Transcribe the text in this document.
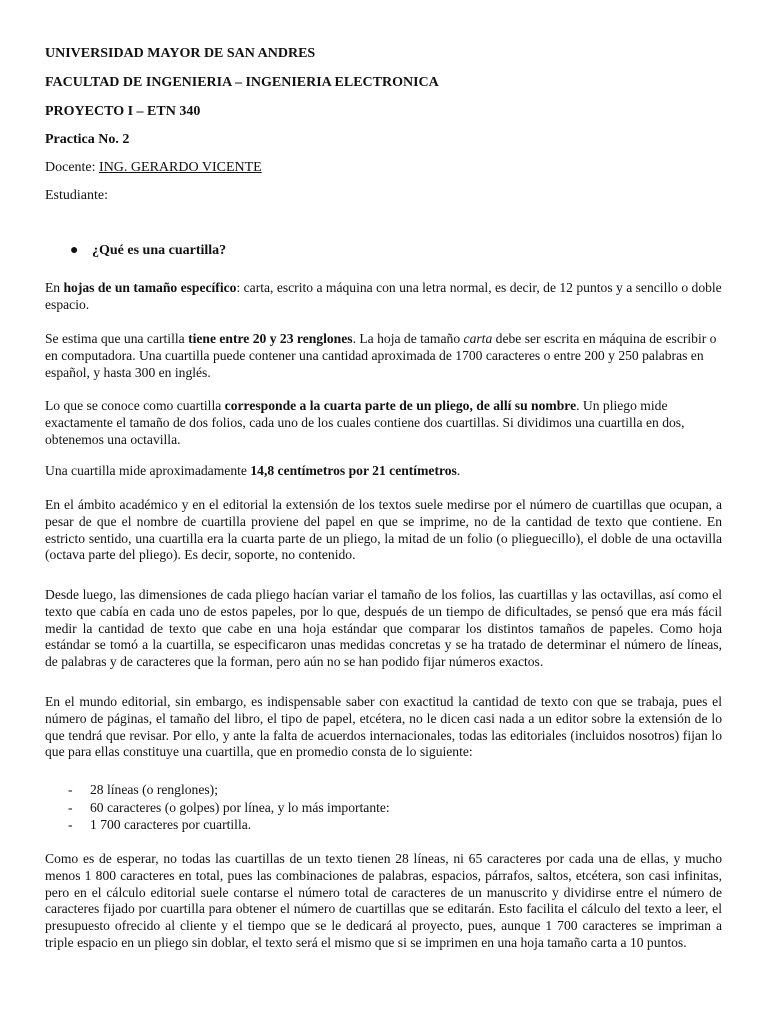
UNIVERSIDAD MAYOR DE SAN ANDRES
FACULTAD DE INGENIERIA – INGENIERIA ELECTRONICA
PROYECTO I – ETN 340
Practica No. 2
Docente: ING. GERARDO VICENTE
Estudiante:
● ¿Qué es una cuartilla?

En hojas de un tamaño específico: carta, escrito a máquina con una letra normal, es decir, de 12 puntos y a sencillo o doble espacio.

Se estima que una cartilla tiene entre 20 y 23 renglones. La hoja de tamaño carta debe ser escrita en máquina de escribir o en computadora. Una cuartilla puede contener una cantidad aproximada de 1700 caracteres o entre 200 y 250 palabras en español, y hasta 300 en inglés.

Lo que se conoce como cuartilla corresponde a la cuarta parte de un pliego, de allí su nombre. Un pliego mide exactamente el tamaño de dos folios, cada uno de los cuales contiene dos cuartillas. Si dividimos una cuartilla en dos, obtenemos una octavilla.

Una cuartilla mide aproximadamente 14,8 centímetros por 21 centímetros.

En el ámbito académico y en el editorial la extensión de los textos suele medirse por el número de cuartillas que ocupan, a pesar de que el nombre de cuartilla proviene del papel en que se imprime, no de la cantidad de texto que contiene. En estricto sentido, una cuartilla era la cuarta parte de un pliego, la mitad de un folio (o plieguecillo), el doble de una octavilla (octava parte del pliego). Es decir, soporte, no contenido.

Desde luego, las dimensiones de cada pliego hacían variar el tamaño de los folios, las cuartillas y las octavillas, así como el texto que cabía en cada uno de estos papeles, por lo que, después de un tiempo de dificultades, se pensó que era más fácil medir la cantidad de texto que cabe en una hoja estándar que comparar los distintos tamaños de papeles. Como hoja estándar se tomó a la cuartilla, se especificaron unas medidas concretas y se ha tratado de determinar el número de líneas, de palabras y de caracteres que la forman, pero aún no se han podido fijar números exactos.

En el mundo editorial, sin embargo, es indispensable saber con exactitud la cantidad de texto con que se trabaja, pues el número de páginas, el tamaño del libro, el tipo de papel, etcétera, no le dicen casi nada a un editor sobre la extensión de lo que tendrá que revisar. Por ello, y ante la falta de acuerdos internacionales, todas las editoriales (incluidos nosotros) fijan lo que para ellas constituye una cuartilla, que en promedio consta de lo siguiente:

- 28 líneas (o renglones);
- 60 caracteres (o golpes) por línea, y lo más importante:
- 1 700 caracteres por cuartilla.

Como es de esperar, no todas las cuartillas de un texto tienen 28 líneas, ni 65 caracteres por cada una de ellas, y mucho menos 1 800 caracteres en total, pues las combinaciones de palabras, espacios, párrafos, saltos, etcétera, son casi infinitas, pero en el cálculo editorial suele contarse el número total de caracteres de un manuscrito y dividirse entre el número de caracteres fijado por cuartilla para obtener el número de cuartillas que se editarán. Esto facilita el cálculo del texto a leer, el presupuesto ofrecido al cliente y el tiempo que se le dedicará al proyecto, pues, aunque 1 700 caracteres se impriman a triple espacio en un pliego sin doblar, el texto será el mismo que si se imprimen en una hoja tamaño carta a 10 puntos.
